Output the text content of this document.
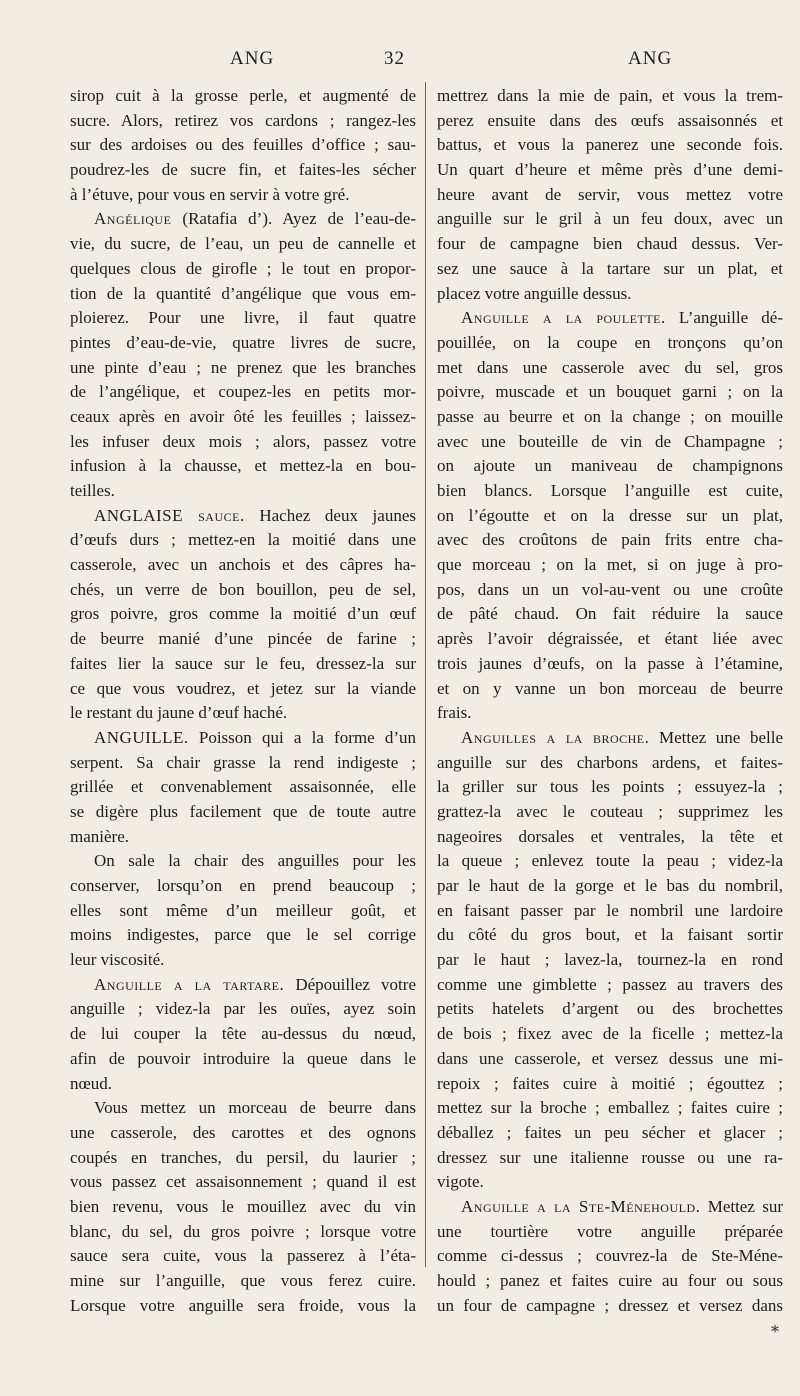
ANG	32	ANG
sirop cuit à la grosse perle, et augmenté de
sucre. Alors, retirez vos cardons ; rangez-les
sur des ardoises ou des feuilles d’office ; sau-
poudrez-les de sucre fin, et faites-les sécher
à l’étuve, pour vous en servir à votre gré.
Angélique (Ratafia d’). Ayez de l’eau-de-
vie, du sucre, de l’eau, un peu de cannelle et
quelques clous de girofle ; le tout en propor-
tion de la quantité d’angélique que vous em-
ploierez. Pour une livre, il faut quatre
pintes d’eau-de-vie, quatre livres de sucre,
une pinte d’eau ; ne prenez que les branches
de l’angélique, et coupez-les en petits mor-
ceaux après en avoir ôté les feuilles ; laissez-
les infuser deux mois ; alors, passez votre
infusion à la chausse, et mettez-la en bou-
teilles.
ANGLAISE sauce. Hachez deux jaunes
d’œufs durs ; mettez-en la moitié dans une
casserole, avec un anchois et des câpres ha-
chés, un verre de bon bouillon, peu de sel,
gros poivre, gros comme la moitié d’un œuf
de beurre manié d’une pincée de farine ;
faites lier la sauce sur le feu, dressez-la sur
ce que vous voudrez, et jetez sur la viande
le restant du jaune d’œuf haché.
ANGUILLE. Poisson qui a la forme d’un
serpent. Sa chair grasse la rend indigeste ;
grillée et convenablement assaisonnée, elle
se digère plus facilement que de toute autre
manière.
On sale la chair des anguilles pour les
conserver, lorsqu’on en prend beaucoup ;
elles sont même d’un meilleur goût, et
moins indigestes, parce que le sel corrige
leur viscosité.
Anguille a la tartare. Dépouillez votre
anguille ; videz-la par les ouïes, ayez soin
de lui couper la tête au-dessus du nœud,
afin de pouvoir introduire la queue dans le
nœud.
Vous mettez un morceau de beurre dans
une casserole, des carottes et des ognons
coupés en tranches, du persil, du laurier ;
vous passez cet assaisonnement ; quand il est
bien revenu, vous le mouillez avec du vin
blanc, du sel, du gros poivre ; lorsque votre
sauce sera cuite, vous la passerez à l’éta-
mine sur l’anguille, que vous ferez cuire.
Lorsque votre anguille sera froide, vous la
mettrez dans la mie de pain, et vous la trem-
perez ensuite dans des œufs assaisonnés et
battus, et vous la panerez une seconde fois.
Un quart d’heure et même près d’une demi-
heure avant de servir, vous mettez votre
anguille sur le gril à un feu doux, avec un
four de campagne bien chaud dessus. Ver-
sez une sauce à la tartare sur un plat, et
placez votre anguille dessus.
Anguille a la poulette. L’anguille dé-
pouillée, on la coupe en tronçons qu’on
met dans une casserole avec du sel, gros
poivre, muscade et un bouquet garni ; on la
passe au beurre et on la change ; on mouille
avec une bouteille de vin de Champagne ;
on ajoute un maniveau de champignons
bien blancs. Lorsque l’anguille est cuite,
on l’égoutte et on la dresse sur un plat,
avec des croûtons de pain frits entre cha-
que morceau ; on la met, si on juge à pro-
pos, dans un un vol-au-vent ou une croûte
de pâté chaud. On fait réduire la sauce
après l’avoir dégraissée, et étant liée avec
trois jaunes d’œufs, on la passe à l’étamine,
et on y vanne un bon morceau de beurre
frais.
Anguilles a la broche. Mettez une belle
anguille sur des charbons ardens, et faites-
la griller sur tous les points ; essuyez-la ;
grattez-la avec le couteau ; supprimez les
nageoires dorsales et ventrales, la tête et
la queue ; enlevez toute la peau ; videz-la
par le haut de la gorge et le bas du nombril,
en faisant passer par le nombril une lardoire
du côté du gros bout, et la faisant sortir
par le haut ; lavez-la, tournez-la en rond
comme une gimblette ; passez au travers des
petits hatelets d’argent ou des brochettes
de bois ; fixez avec de la ficelle ; mettez-la
dans une casserole, et versez dessus une mi-
repoix ; faites cuire à moitié ; égouttez ;
mettez sur la broche ; emballez ; faites cuire ;
déballez ; faites un peu sécher et glacer ;
dressez sur une italienne rousse ou une ra-
vigote.
Anguille a la Ste-Ménehould. Mettez sur
une tourtière votre anguille préparée
comme ci-dessus ; couvrez-la de Ste-Méne-
hould ; panez et faites cuire au four ou sous
un four de campagne ; dressez et versez dans
*
